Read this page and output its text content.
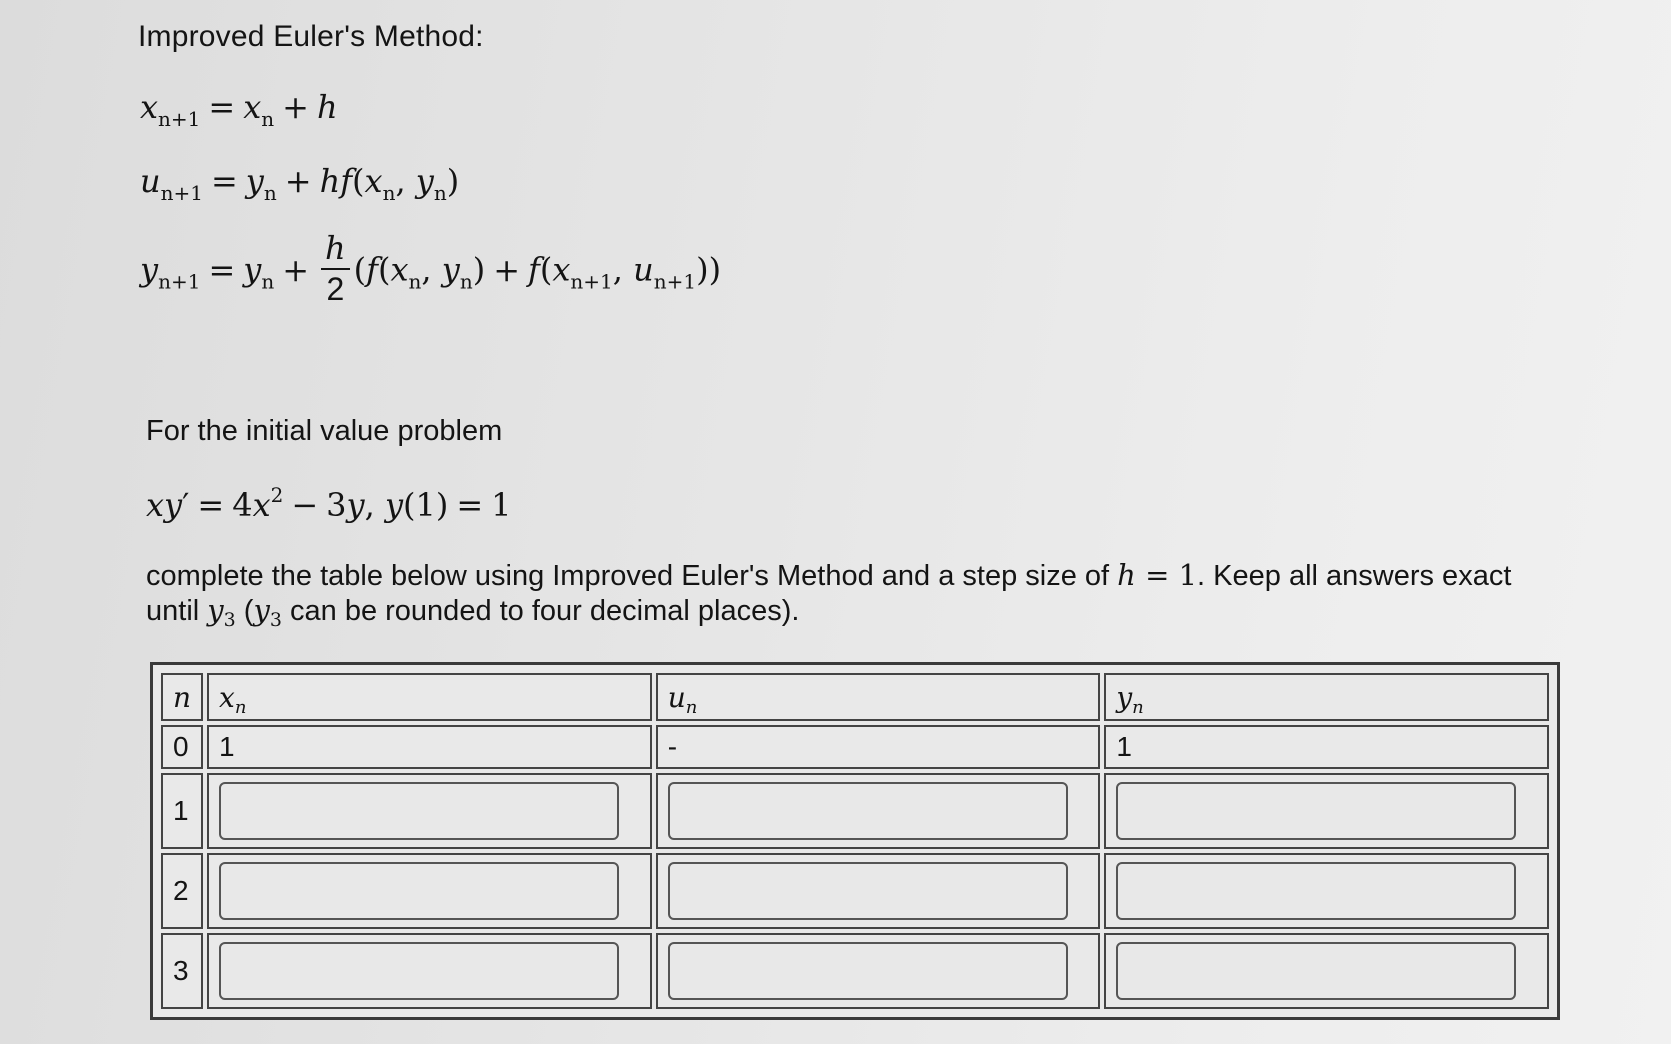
Improved Euler's Method:
$x_{n+1} = x_n + h$
$u_{n+1} = y_n + hf(x_n$, $y_n$)
$y_{n+1} = y_n + \frac{h}{2} (f(x_n$, $y_n) + f(x_{n+1}$, $u_{n+1}$))
For the initial value problem
$xy' = 4x^2 - 3y$, y(1) = 1
complete the table below using Improved Euler's Method and a step size of h = 1. Keep all answers exact until $y_3$ ($y_3$ can be rounded to four decimal places).
n	$x_n$	$u_n$	$y_n$
0	1	-	1
1	

2	

3	
